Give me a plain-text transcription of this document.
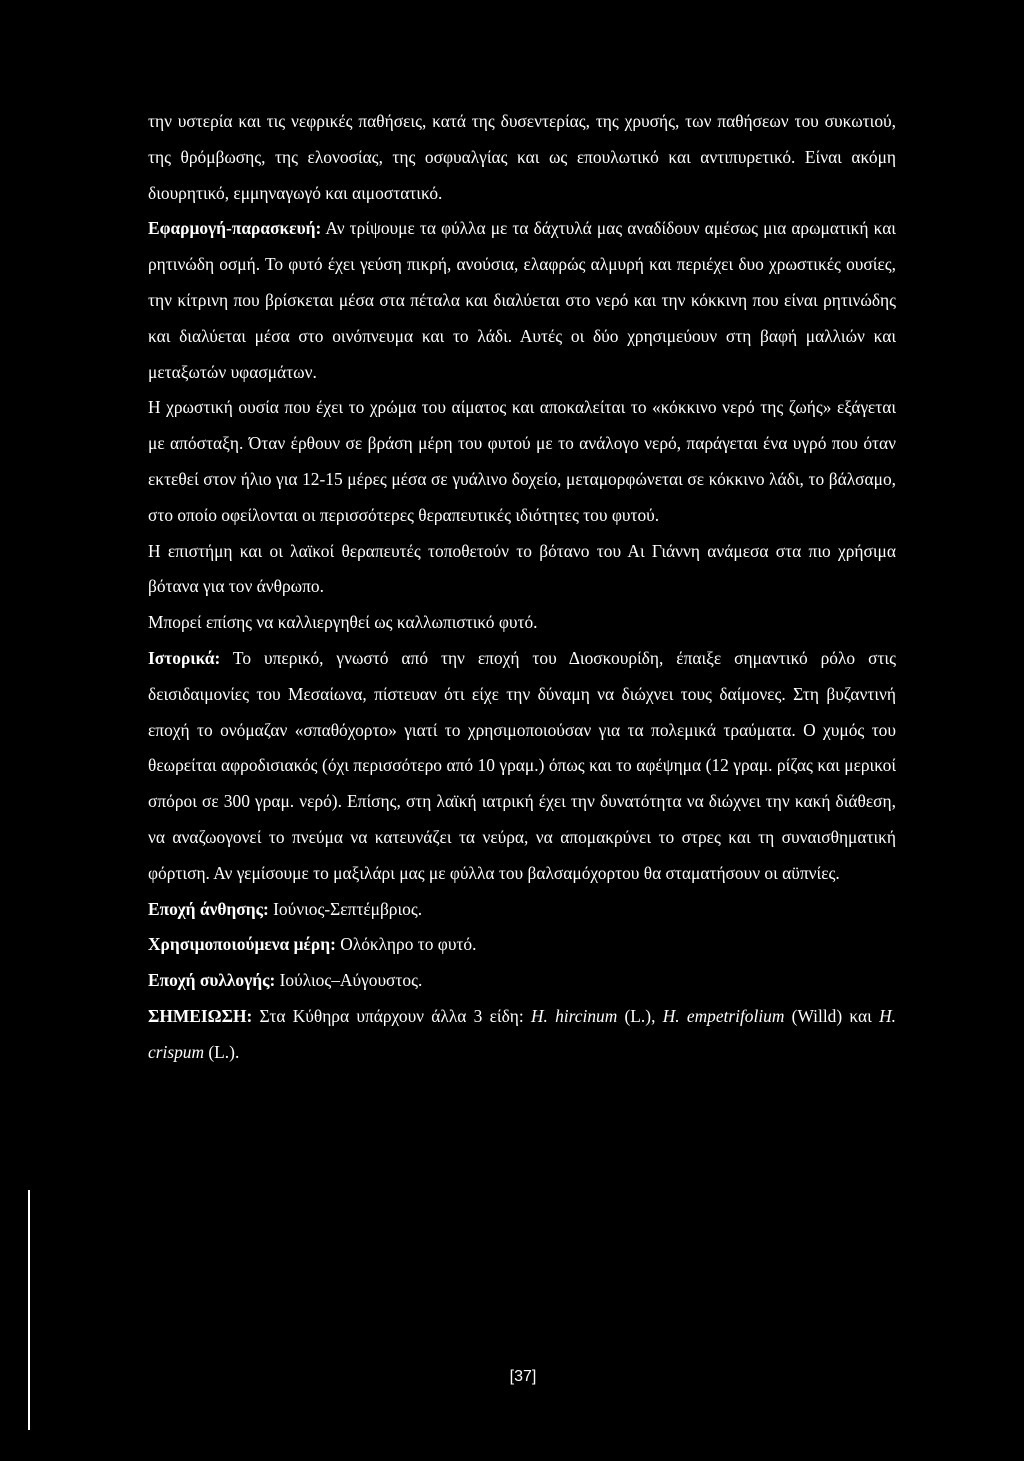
την υστερία και τις νεφρικές παθήσεις, κατά της δυσεντερίας, της χρυσής, των παθήσεων του συκωτιού, της θρόμβωσης, της ελονοσίας, της οσφυαλγίας και ως επουλωτικό και αντιπυρετικό. Είναι ακόμη διουρητικό, εμμηναγωγό και αιμοστατικό.

Εφαρμογή-παρασκευή: Αν τρίψουμε τα φύλλα με τα δάχτυλά μας αναδίδουν αμέσως μια αρωματική και ρητινώδη οσμή. Το φυτό έχει γεύση πικρή, ανούσια, ελαφρώς αλμυρή και περιέχει δυο χρωστικές ουσίες, την κίτρινη που βρίσκεται μέσα στα πέταλα και διαλύεται στο νερό και την κόκκινη που είναι ρητινώδης και διαλύεται μέσα στο οινόπνευμα και το λάδι. Αυτές οι δύο χρησιμεύουν στη βαφή μαλλιών και μεταξωτών υφασμάτων.

Η χρωστική ουσία που έχει το χρώμα του αίματος και αποκαλείται το «κόκκινο νερό της ζωής» εξάγεται με απόσταξη. Όταν έρθουν σε βράση μέρη του φυτού με το ανάλογο νερό, παράγεται ένα υγρό που όταν εκτεθεί στον ήλιο για 12-15 μέρες μέσα σε γυάλινο δοχείο, μεταμορφώνεται σε κόκκινο λάδι, το βάλσαμο, στο οποίο οφείλονται οι περισσότερες θεραπευτικές ιδιότητες του φυτού.

Η επιστήμη και οι λαϊκοί θεραπευτές τοποθετούν το βότανο του Αι Γιάννη ανάμεσα στα πιο χρήσιμα βότανα για τον άνθρωπο.

Μπορεί επίσης να καλλιεργηθεί ως καλλωπιστικό φυτό.

Ιστορικά: Το υπερικό, γνωστό από την εποχή του Διοσκουρίδη, έπαιξε σημαντικό ρόλο στις δεισιδαιμονίες του Μεσαίωνα, πίστευαν ότι είχε την δύναμη να διώχνει τους δαίμονες. Στη βυζαντινή εποχή το ονόμαζαν «σπαθόχορτο» γιατί το χρησιμοποιούσαν για τα πολεμικά τραύματα. Ο χυμός του θεωρείται αφροδισιακός (όχι περισσότερο από 10 γραμ.) όπως και το αφέψημα (12 γραμ. ρίζας και μερικοί σπόροι σε 300 γραμ. νερό). Επίσης, στη λαϊκή ιατρική έχει την δυνατότητα να διώχνει την κακή διάθεση, να αναζωογονεί το πνεύμα να κατευνάζει τα νεύρα, να απομακρύνει το στρες και τη συναισθηματική φόρτιση. Αν γεμίσουμε το μαξιλάρι μας με φύλλα του βαλσαμόχορτου θα σταματήσουν οι αϋπνίες.

Εποχή άνθησης: Ιούνιος-Σεπτέμβριος.

Χρησιμοποιούμενα μέρη: Ολόκληρο το φυτό.

Εποχή συλλογής: Ιούλιος–Αύγουστος.

ΣΗΜΕΙΩΣΗ: Στα Κύθηρα υπάρχουν άλλα 3 είδη: H. hircinum (L.), H. empetrifolium (Willd) και H. crispum (L.).

[37]
